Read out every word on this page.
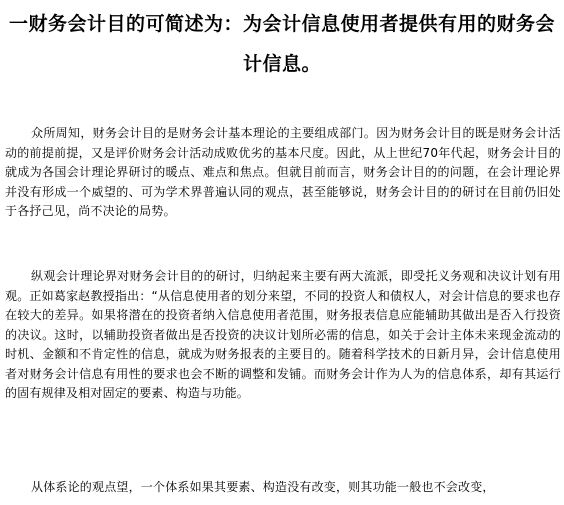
一财务会计目的可简述为：为会计信息使用者提供有用的财务会计信息。

众所周知，财务会计目的是财务会计基本理论的主要组成部门。因为财务会计目的既是财务会计活动的前提前提，又是评价财务会计活动成败优劣的基本尺度。因此，从上世纪70年代起，财务会计目的就成为各国会计理论界研讨的暖点、难点和焦点。但就目前而言，财务会计目的的问题，在会计理论界并没有形成一个威望的、可为学术界普遍认同的观点，甚至能够说，财务会计目的的研讨在目前仍旧处于各抒己见，尚不决论的局势。

纵观会计理论界对财务会计目的的研讨，归纳起来主要有两大流派，即受托义务观和决议计划有用观。正如葛家赵教授指出：“从信息使用者的划分来望，不同的投资人和债权人，对会计信息的要求也存在较大的差异。如果将潜在的投资者纳入信息使用者范围，财务报表信息应能辅助其做出是否入行投资的决议。这时，以辅助投资者做出是否投资的决议计划所必需的信息，如关于会计主体未来现金流动的时机、金额和不肯定性的信息，就成为财务报表的主要目的。随着科学技术的日新月异，会计信息使用者对财务会计信息有用性的要求也会不断的调整和发铺。而财务会计作为人为的信息体系，却有其运行的固有规律及相对固定的要素、构造与功能。

从体系论的观点望，一个体系如果其要素、构造没有改变，则其功能一般也不会改变，
